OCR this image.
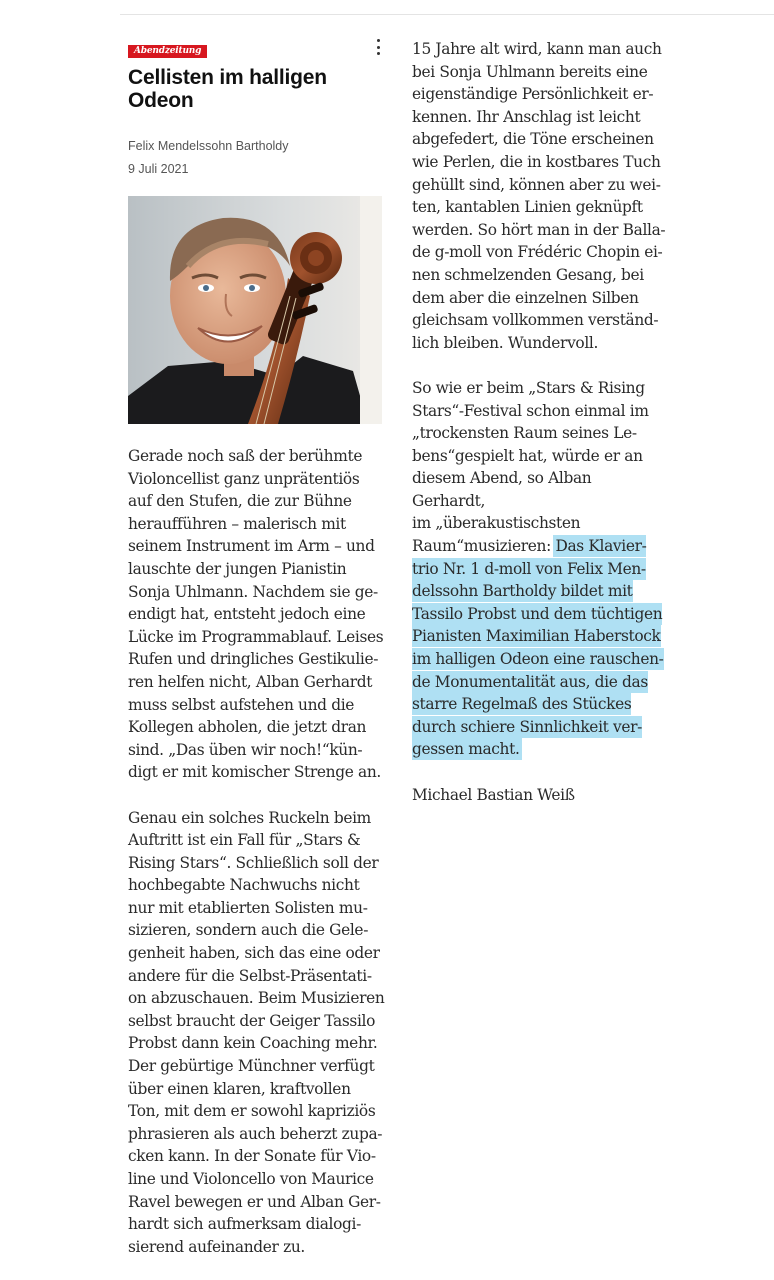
Abendzeitung
Cellisten im halligen Odeon
Felix Mendelssohn Bartholdy
9 Juli 2021

Gerade noch saß der berühmte
Violoncellist ganz unprätentiös
auf den Stufen, die zur Bühne
heraufführen – malerisch mit
seinem Instrument im Arm – und
lauschte der jungen Pianistin
Sonja Uhlmann. Nachdem sie ge-
endigt hat, entsteht jedoch eine
Lücke im Programmablauf. Leises
Rufen und dringliches Gestikulie-
ren helfen nicht, Alban Gerhardt
muss selbst aufstehen und die
Kollegen abholen, die jetzt dran
sind. „Das üben wir noch!“kün-
digt er mit komischer Strenge an.

Genau ein solches Ruckeln beim
Auftritt ist ein Fall für „Stars &
Rising Stars“. Schließlich soll der
hochbegabte Nachwuchs nicht
nur mit etablierten Solisten mu-
sizieren, sondern auch die Gele-
genheit haben, sich das eine oder
andere für die Selbst-Präsentati-
on abzuschauen. Beim Musizieren
selbst braucht der Geiger Tassilo
Probst dann kein Coaching mehr.
Der gebürtige Münchner verfügt
über einen klaren, kraftvollen
Ton, mit dem er sowohl kapriziös
phrasieren als auch beherzt zupa-
cken kann. In der Sonate für Vio-
line und Violoncello von Maurice
Ravel bewegen er und Alban Ger-
hardt sich aufmerksam dialogi-
sierend aufeinander zu.

15 Jahre alt wird, kann man auch
bei Sonja Uhlmann bereits eine
eigenständige Persönlichkeit er-
kennen. Ihr Anschlag ist leicht
abgefedert, die Töne erscheinen
wie Perlen, die in kostbares Tuch
gehüllt sind, können aber zu wei-
ten, kantablen Linien geknüpft
werden. So hört man in der Balla-
de g-moll von Frédéric Chopin ei-
nen schmelzenden Gesang, bei
dem aber die einzelnen Silben
gleichsam vollkommen verständ-
lich bleiben. Wundervoll.

So wie er beim „Stars & Rising
Stars“-Festival schon einmal im
„trockensten Raum seines Le-
bens“gespielt hat, würde er an
diesem Abend, so Alban Gerhardt,
im „überakustischsten
Raum“musizieren: Das Klavier-
trio Nr. 1 d-moll von Felix Men-
delssohn Bartholdy bildet mit
Tassilo Probst und dem tüchtigen
Pianisten Maximilian Haberstock
im halligen Odeon eine rauschen-
de Monumentalität aus, die das
starre Regelmaß des Stückes
durch schiere Sinnlichkeit ver-
gessen macht.

Michael Bastian Weiß
